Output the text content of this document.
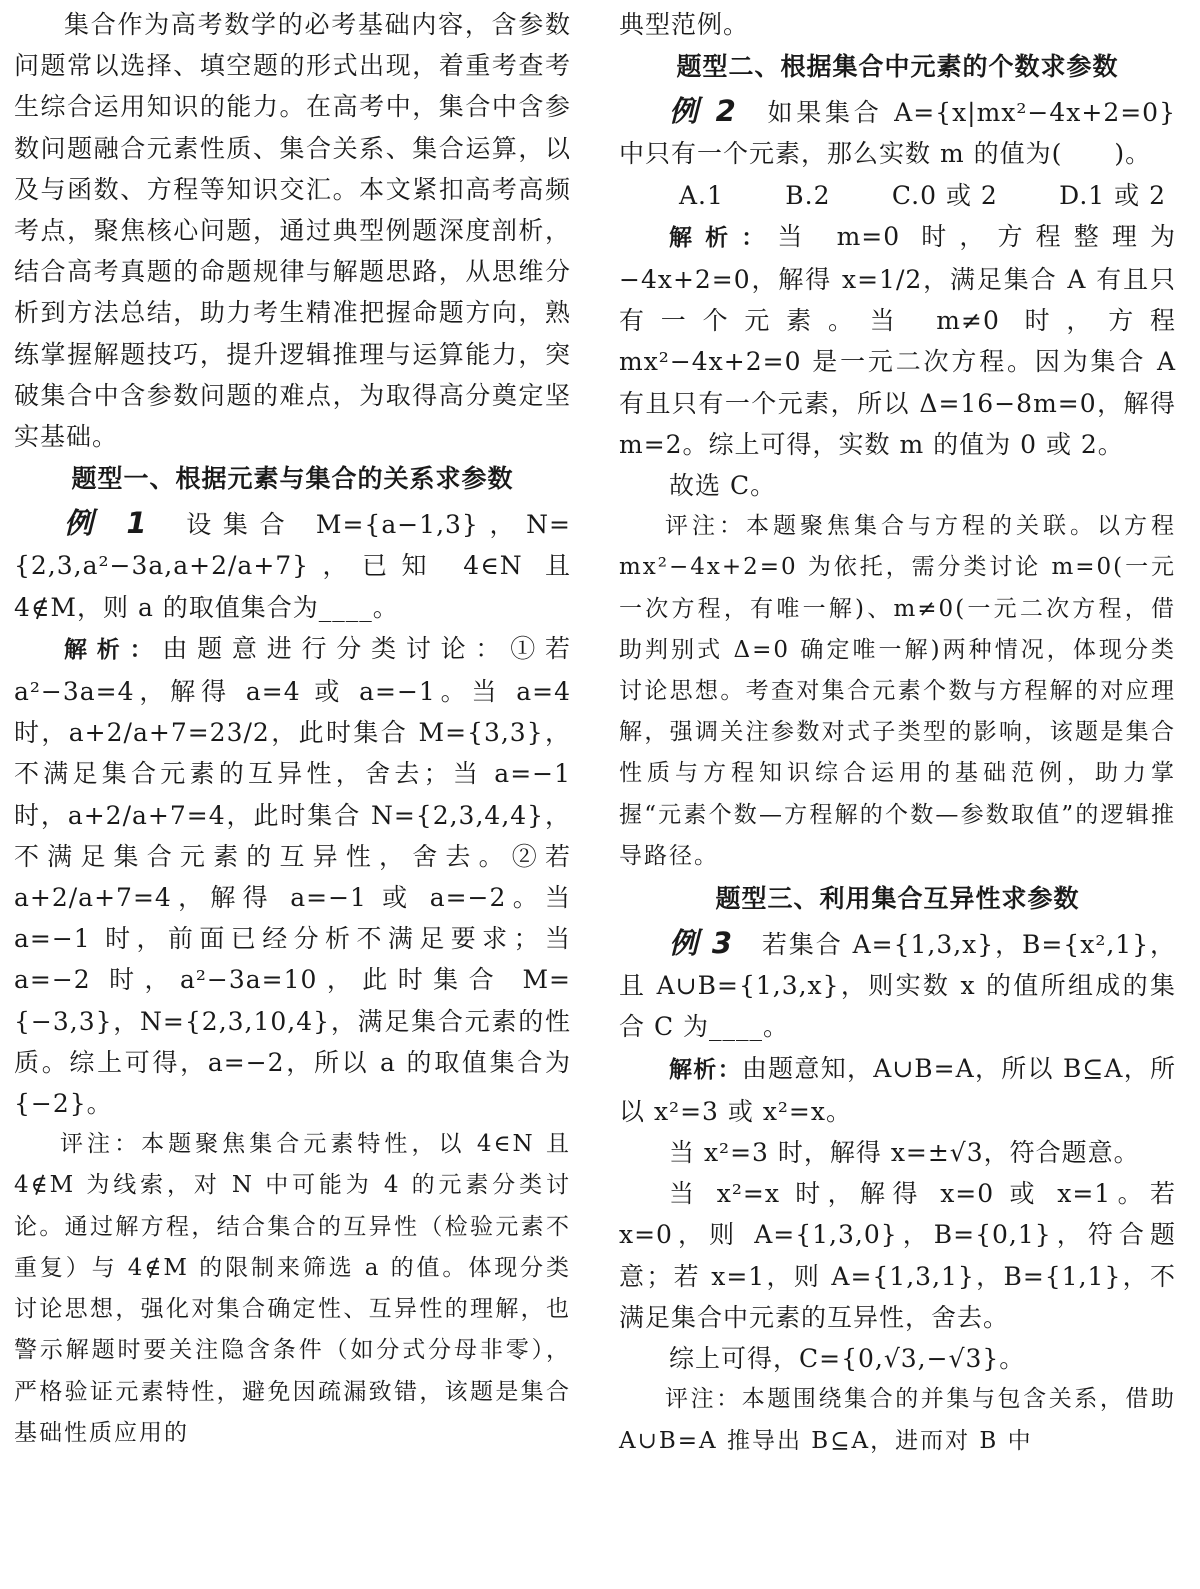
集合作为高考数学的必考基础内容，含参数问题常以选择、填空题的形式出现，着重考查考生综合运用知识的能力。在高考中，集合中含参数问题融合元素性质、集合关系、集合运算，以及与函数、方程等知识交汇。本文紧扣高考高频考点，聚焦核心问题，通过典型例题深度剖析，结合高考真题的命题规律与解题思路，从思维分析到方法总结，助力考生精准把握命题方向，熟练掌握解题技巧，提升逻辑推理与运算能力，突破集合中含参数问题的难点，为取得高分奠定坚实基础。

题型一、根据元素与集合的关系求参数

例 1 设集合 M={a−1,3}，N={2,3,a²−3a,a+2/a+7}，已知 4∈N 且 4∉M，则 a 的取值集合为____。

解析：由题意进行分类讨论：①若 a²−3a=4，解得 a=4 或 a=−1。当 a=4 时，a+2/a+7=23/2，此时集合 M={3,3}，不满足集合元素的互异性，舍去；当 a=−1 时，a+2/a+7=4，此时集合 N={2,3,4,4}，不满足集合元素的互异性，舍去。②若 a+2/a+7=4，解得 a=−1 或 a=−2。当 a=−1 时，前面已经分析不满足要求；当 a=−2 时，a²−3a=10，此时集合 M={−3,3}，N={2,3,10,4}，满足集合元素的性质。综上可得，a=−2，所以 a 的取值集合为{−2}。

评注：本题聚焦集合元素特性，以 4∈N 且 4∉M 为线索，对 N 中可能为 4 的元素分类讨论。通过解方程，结合集合的互异性（检验元素不重复）与 4∉M 的限制来筛选 a 的值。体现分类讨论思想，强化对集合确定性、互异性的理解，也警示解题时要关注隐含条件（如分式分母非零），严格验证元素特性，避免因疏漏致错，该题是集合基础性质应用的

典型范例。

题型二、根据集合中元素的个数求参数

例 2 如果集合 A={x|mx²−4x+2=0}中只有一个元素，那么实数 m 的值为(　　)。

A.1 B.2 C.0 或 2 D.1 或 2

解析：当 m=0 时，方程整理为−4x+2=0，解得 x=1/2，满足集合 A 有且只有一个元素。当 m≠0 时，方程 mx²−4x+2=0 是一元二次方程。因为集合 A 有且只有一个元素，所以 Δ=16−8m=0，解得 m=2。综上可得，实数 m 的值为 0 或 2。

故选 C。

评注：本题聚焦集合与方程的关联。以方程 mx²−4x+2=0 为依托，需分类讨论 m=0(一元一次方程，有唯一解)、m≠0(一元二次方程，借助判别式 Δ=0 确定唯一解)两种情况，体现分类讨论思想。考查对集合元素个数与方程解的对应理解，强调关注参数对式子类型的影响，该题是集合性质与方程知识综合运用的基础范例，助力掌握“元素个数—方程解的个数—参数取值”的逻辑推导路径。

题型三、利用集合互异性求参数

例 3 若集合 A={1,3,x}，B={x²,1}，且 A∪B={1,3,x}，则实数 x 的值所组成的集合 C 为____。

解析：由题意知，A∪B=A，所以 B⊆A，所以 x²=3 或 x²=x。

当 x²=3 时，解得 x=±√3，符合题意。

当 x²=x 时，解得 x=0 或 x=1。若 x=0，则 A={1,3,0}，B={0,1}，符合题意；若 x=1，则 A={1,3,1}，B={1,1}，不满足集合中元素的互异性，舍去。

综上可得，C={0,√3,−√3}。

评注：本题围绕集合的并集与包含关系，借助 A∪B=A 推导出 B⊆A，进而对 B 中
